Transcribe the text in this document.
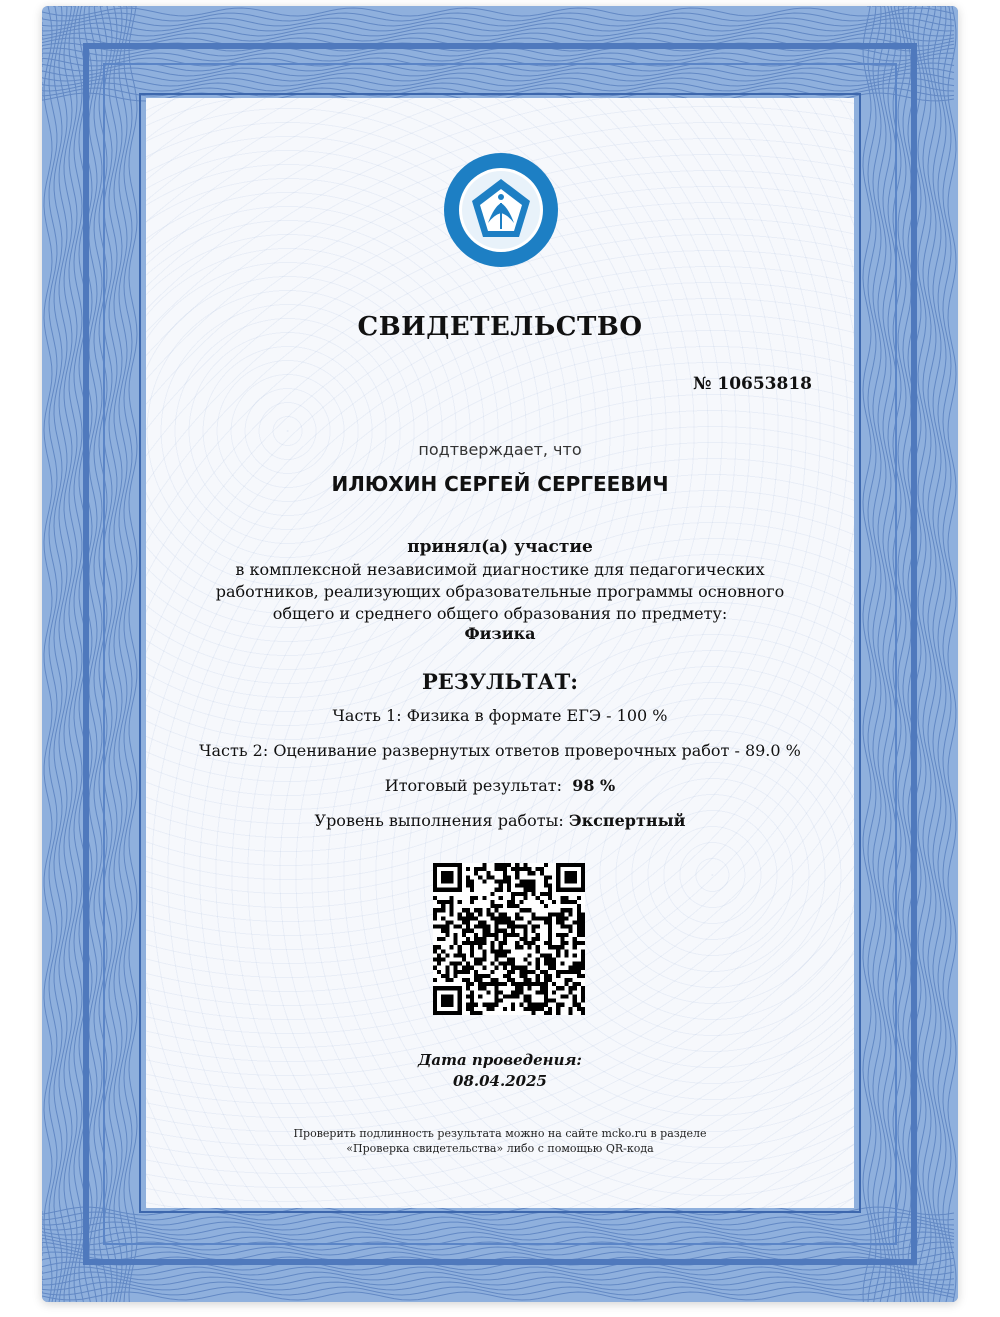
СВИДЕТЕЛЬСТВО
№ 10653818
подтверждает, что
ИЛЮХИН СЕРГЕЙ СЕРГЕЕВИЧ
принял(а) участие
в комплексной независимой диагностике для педагогических работников, реализующих образовательные программы основного общего и среднего общего образования по предмету:
Физика
РЕЗУЛЬТАТ:
Часть 1: Физика в формате ЕГЭ - 100 %
Часть 2: Оценивание развернутых ответов проверочных работ - 89.0 %
Итоговый результат: 98 %
Уровень выполнения работы: Экспертный
Дата проведения:
08.04.2025
Проверить подлинность результата можно на сайте mcko.ru в разделе
«Проверка свидетельства» либо с помощью QR-кода
